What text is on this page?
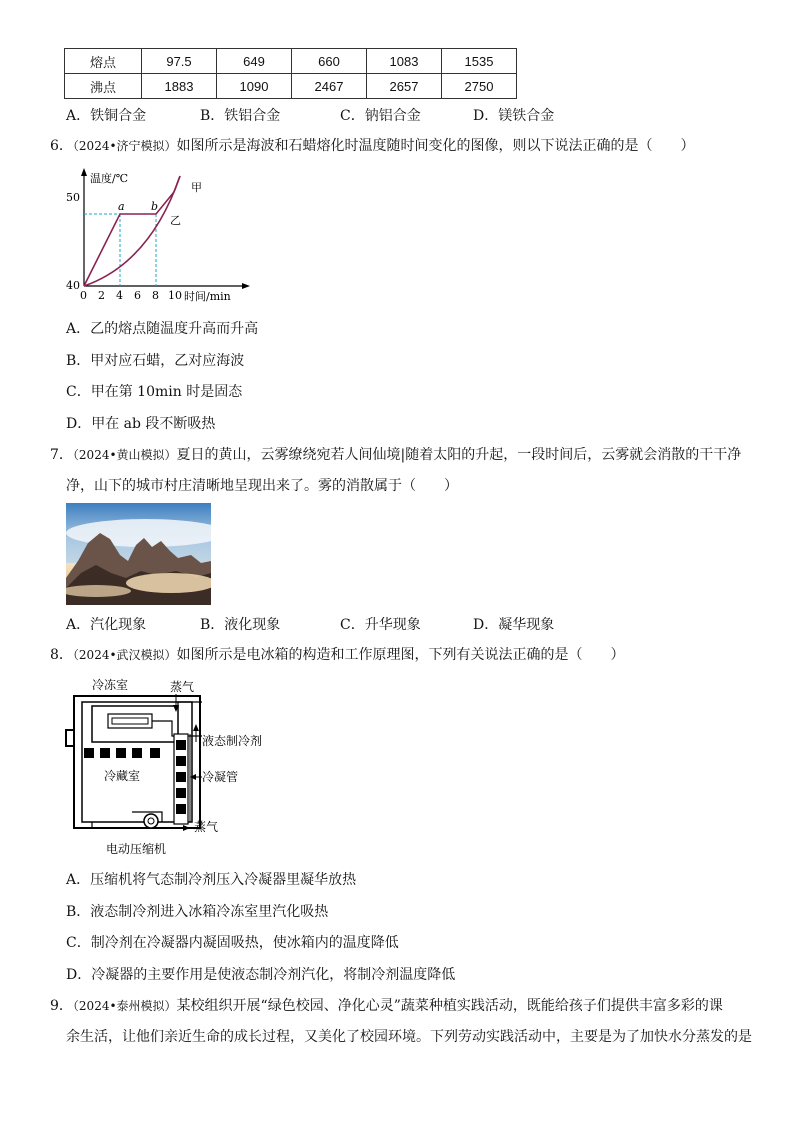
熔点	97.5	649	660	1083	1535
沸点	1883	1090	2467	2657	2750
A．铁铜合金	B．铁铝合金	C．钠铝合金	D．镁铁合金
6．（2024•济宁模拟）如图所示是海波和石蜡熔化时温度随时间变化的图像，则以下说法正确的是（　　）
50
40
温度/℃
0 2 4 6 8 10 时间/min
a b
甲
乙
A．乙的熔点随温度升高而升高
B．甲对应石蜡，乙对应海波
C．甲在第 10min 时是固态
D．甲在 ab 段不断吸热
7．（2024•黄山模拟）夏日的黄山，云雾缭绕宛若人间仙境|随着太阳的升起，一段时间后，云雾就会消散的干干净
净，山下的城市村庄清晰地呈现出来了。雾的消散属于（　　）
A．汽化现象	B．液化现象	C．升华现象	D．凝华现象
8．（2024•武汉模拟）如图所示是电冰箱的构造和工作原理图，下列有关说法正确的是（　　）
冷冻室	蒸气
液态制冷剂
冷藏室	冷凝管
蒸气
电动压缩机
A．压缩机将气态制冷剂压入冷凝器里凝华放热
B．液态制冷剂进入冰箱冷冻室里汽化吸热
C．制冷剂在冷凝器内凝固吸热，使冰箱内的温度降低
D．冷凝器的主要作用是使液态制冷剂汽化，将制冷剂温度降低
9．（2024•泰州模拟）某校组织开展“绿色校园、净化心灵”蔬菜种植实践活动，既能给孩子们提供丰富多彩的课
余生活，让他们亲近生命的成长过程，又美化了校园环境。下列劳动实践活动中，主要是为了加快水分蒸发的是
